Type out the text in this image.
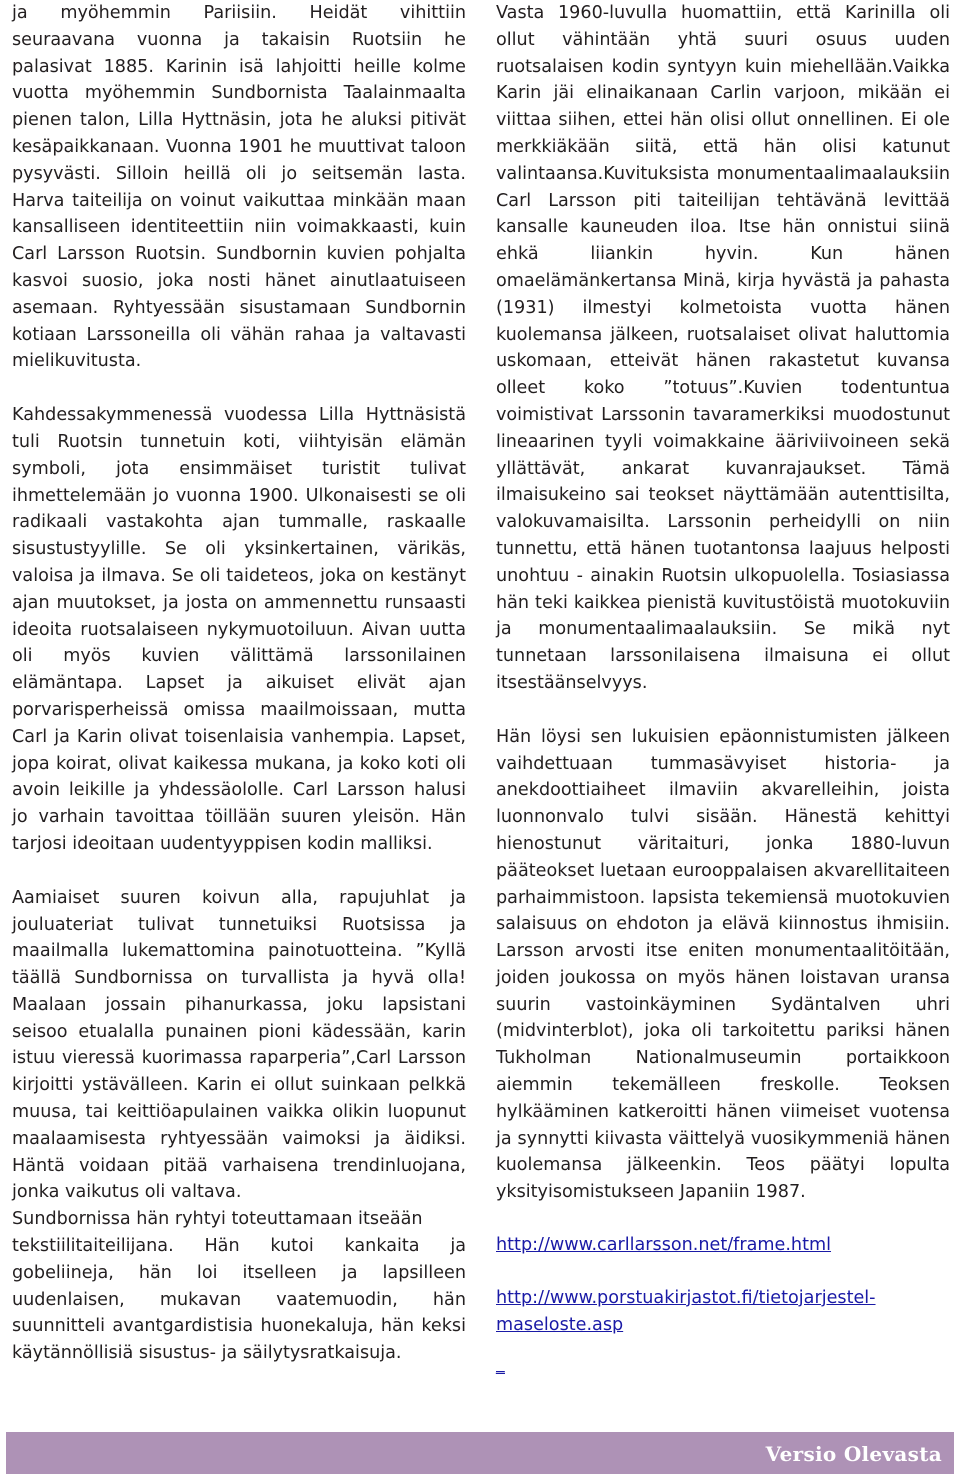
ja myöhemmin Pariisiin. Heidät vihittiin seuraavana vuonna ja takaisin Ruotsiin he palasivat 1885. Karinin isä lahjoitti heille kolme vuotta myöhemmin Sundbornista Taalainmaalta pienen talon, Lilla Hyttnäsin, jota he aluksi pitivät kesäpaikkanaan. Vuonna 1901 he muuttivat taloon pysyvästi. Silloin heillä oli jo seitsemän lasta. Harva taiteilija on voinut vaikuttaa minkään maan kansalliseen identiteettiin niin voimakkaasti, kuin Carl Larsson Ruotsin. Sundbornin kuvien pohjalta kasvoi suosio, joka nosti hänet ainutlaatuiseen asemaan. Ryhtyessään sisustamaan Sundbornin kotiaan Larssoneilla oli vähän rahaa ja valtavasti mielikuvitusta.

Kahdessakymmenessä vuodessa Lilla Hyttnäsistä tuli Ruotsin tunnetuin koti, viihtyisän elämän symboli, jota ensimmäiset turistit tulivat ihmettelemään jo vuonna 1900. Ulkonaisesti se oli radikaali vastakohta ajan tummalle, raskaalle sisustustyylille. Se oli yksinkertainen, värikäs, valoisa ja ilmava. Se oli taideteos, joka on kestänyt ajan muutokset, ja josta on ammennettu runsaasti ideoita ruotsalaiseen nykymuotoiluun. Aivan uutta oli myös kuvien välittämä larssonilainen elämäntapa. Lapset ja aikuiset elivät ajan porvarisperheissä omissa maailmoissaan, mutta Carl ja Karin olivat toisenlaisia vanhempia. Lapset, jopa koirat, olivat kaikessa mukana, ja koko koti oli avoin leikille ja yhdessäololle. Carl Larsson halusi jo varhain tavoittaa töillään suuren yleisön. Hän tarjosi ideoitaan uudentyyppisen kodin malliksi.

Aamiaiset suuren koivun alla, rapujuhlat ja jouluateriat tulivat tunnetuiksi Ruotsissa ja maailmalla lukemattomina painotuotteina. ”Kyllä täällä Sundbornissa on turvallista ja hyvä olla! Maalaan jossain pihanurkassa, joku lapsistani seisoo etualalla punainen pioni kädessään, karin istuu vieressä kuorimassa raparperia”,Carl Larsson kirjoitti ystävälleen. Karin ei ollut suinkaan pelkkä muusa, tai keittiöapulainen vaikka olikin luopunut maalaamisesta ryhtyessään vaimoksi ja äidiksi. Häntä voidaan pitää varhaisena trendinluojana, jonka vaikutus oli valtava.
Sundbornissa hän ryhtyi toteuttamaan itseään
tekstiilitaiteilijana. Hän kutoi kankaita ja gobeliineja, hän loi itselleen ja lapsilleen uudenlaisen, mukavan vaatemuodin, hän suunnitteli avantgardistisia huonekaluja, hän keksi käytännöllisiä sisustus- ja säilytysratkaisuja.

Vasta 1960-luvulla huomattiin, että Karinilla oli ollut vähintään yhtä suuri osuus uuden ruotsalaisen kodin syntyyn kuin miehellään.Vaikka Karin jäi elinaikanaan Carlin varjoon, mikään ei viittaa siihen, ettei hän olisi ollut onnellinen. Ei ole merkkiäkään siitä, että hän olisi katunut valintaansa.Kuvituksista monumentaalimaalauksiin Carl Larsson piti taiteilijan tehtävänä levittää kansalle kauneuden iloa. Itse hän onnistui siinä ehkä liiankin hyvin. Kun hänen omaelämänkertansa Minä, kirja hyvästä ja pahasta (1931) ilmestyi kolmetoista vuotta hänen kuolemansa jälkeen, ruotsalaiset olivat haluttomia uskomaan, etteivät hänen rakastetut kuvansa olleet koko ”totuus”.Kuvien todentuntua voimistivat Larssonin tavaramerkiksi muodostunut lineaarinen tyyli voimakkaine ääriviivoineen sekä yllättävät, ankarat kuvanrajaukset. Tämä ilmaisukeino sai teokset näyttämään autenttisilta, valokuvamaisilta. Larssonin perheidylli on niin tunnettu, että hänen tuotantonsa laajuus helposti unohtuu - ainakin Ruotsin ulkopuolella. Tosiasiassa hän teki kaikkea pienistä kuvitustöistä muotokuviin ja monumentaalimaalauksiin. Se mikä nyt tunnetaan larssonilaisena ilmaisuna ei ollut itsestäänselvyys.

Hän löysi sen lukuisien epäonnistumisten jälkeen vaihdettuaan tummasävyiset historia- ja anekdoottiaiheet ilmaviin akvarelleihin, joista luonnonvalo tulvi sisään. Hänestä kehittyi hienostunut väritaituri, jonka 1880-luvun pääteokset luetaan eurooppalaisen akvarellitaiteen parhaimmistoon. lapsista tekemiensä muotokuvien salaisuus on ehdoton ja elävä kiinnostus ihmisiin. Larsson arvosti itse eniten monumentaalitöitään, joiden joukossa on myös hänen loistavan uransa suurin vastoinkäyminen Sydäntalven uhri (midvinterblot), joka oli tarkoitettu pariksi hänen Tukholman Nationalmuseumin portaikkoon aiemmin tekemälleen freskolle. Teoksen hylkääminen katkeroitti hänen viimeiset vuotensa ja synnytti kiivasta väittelyä vuosikymmeniä hänen kuolemansa jälkeenkin. Teos päätyi lopulta yksityisomistukseen Japaniin 1987.

http://www.carllarsson.net/frame.html
http://www.porstuakirjastot.fi/tietojarjestel-
maseloste.asp
_
Versio Olevasta
